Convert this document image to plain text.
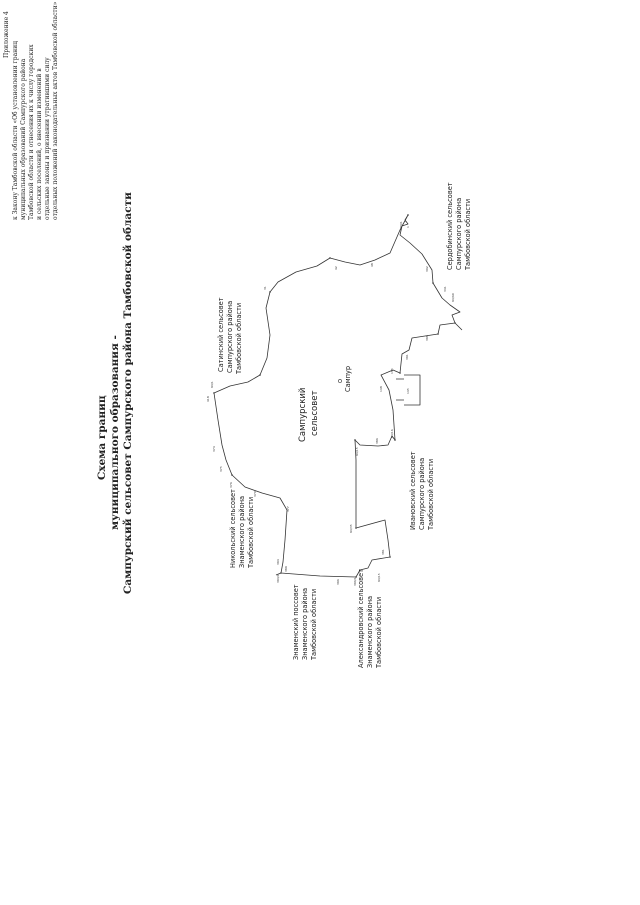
Приложение 4
к Закону Тамбовской области «Об установлении границ муниципальных образований Сампурского района Тамбовской области и отнесения их к числу городских и сельских поселений, о внесении изменений в отдельные законы и признании утратившими силу отдельных положений законодательных актов Тамбовской области»
Схема границ муниципального образования - Сампурский сельсовет Сампурского района Тамбовской области	418
374
375
376
370
377
394
389
394/1	396	396/1	94/15
381
94/35
94/15
386
94/16
148
155
145
391
398
94/60
341
302
94/1 1
48
42
31
94/1
Сампурский сельсовет
Сампур
Сатинский сельсовет Сампурского района Тамбовской области
Никольский сельсовет Знаменского района Тамбовской области
Знаменский поссовет Знаменского района Тамбовской области	Александровский сельсовет Знаменского района Тамбовской области
Ивановский сельсовет Сампурского района Тамбовской области
Сердобинский сельсовет Сампурского района Тамбовской области
